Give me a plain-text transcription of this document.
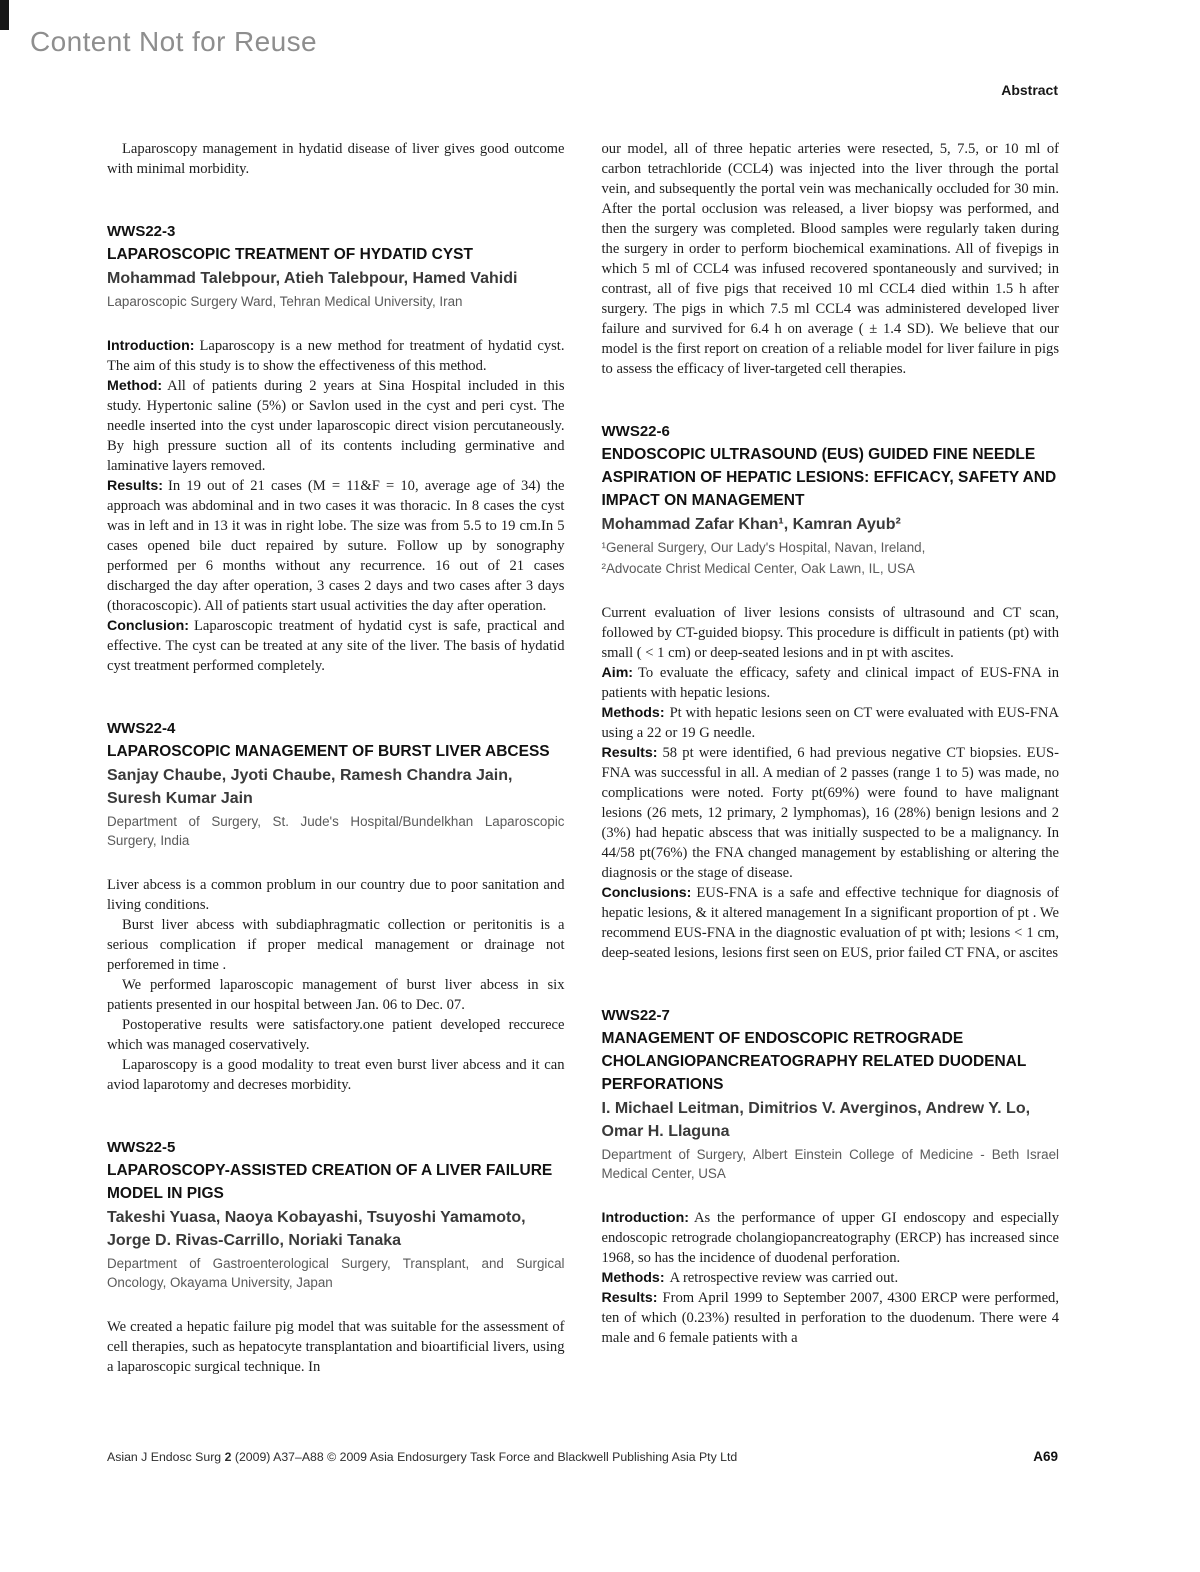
Content Not for Reuse
Abstract

Laparoscopy management in hydatid disease of liver gives good outcome with minimal morbidity.

WWS22-3
LAPAROSCOPIC TREATMENT OF HYDATID CYST
Mohammad Talebpour, Atieh Talebpour, Hamed Vahidi
Laparoscopic Surgery Ward, Tehran Medical University, Iran

Introduction: Laparoscopy is a new method for treatment of hydatid cyst. The aim of this study is to show the effectiveness of this method.

Method: All of patients during 2 years at Sina Hospital included in this study. Hypertonic saline (5%) or Savlon used in the cyst and peri cyst. The needle inserted into the cyst under laparoscopic direct vision percutaneously. By high pressure suction all of its contents including germinative and laminative layers removed.

Results: In 19 out of 21 cases (M = 11&F = 10, average age of 34) the approach was abdominal and in two cases it was thoracic. In 8 cases the cyst was in left and in 13 it was in right lobe. The size was from 5.5 to 19 cm.In 5 cases opened bile duct repaired by suture. Follow up by sonography performed per 6 months without any recurrence. 16 out of 21 cases discharged the day after operation, 3 cases 2 days and two cases after 3 days (thoracoscopic). All of patients start usual activities the day after operation.

Conclusion: Laparoscopic treatment of hydatid cyst is safe, practical and effective. The cyst can be treated at any site of the liver. The basis of hydatid cyst treatment performed completely.

WWS22-4
LAPAROSCOPIC MANAGEMENT OF BURST LIVER ABCESS
Sanjay Chaube, Jyoti Chaube, Ramesh Chandra Jain, Suresh Kumar Jain
Department of Surgery, St. Jude's Hospital/Bundelkhan Laparoscopic Surgery, India

Liver abcess is a common problum in our country due to poor sanitation and living conditions.

Burst liver abcess with subdiaphragmatic collection or peritonitis is a serious complication if proper medical management or drainage not perforemed in time .

We performed laparoscopic management of burst liver abcess in six patients presented in our hospital between Jan. 06 to Dec. 07.

Postoperative results were satisfactory.one patient developed reccurece which was managed coservatively.

Laparoscopy is a good modality to treat even burst liver abcess and it can aviod laparotomy and decreses morbidity.

WWS22-5
LAPAROSCOPY-ASSISTED CREATION OF A LIVER FAILURE MODEL IN PIGS
Takeshi Yuasa, Naoya Kobayashi, Tsuyoshi Yamamoto, Jorge D. Rivas-Carrillo, Noriaki Tanaka
Department of Gastroenterological Surgery, Transplant, and Surgical Oncology, Okayama University, Japan

We created a hepatic failure pig model that was suitable for the assessment of cell therapies, such as hepatocyte transplantation and bioartificial livers, using a laparoscopic surgical technique. In

our model, all of three hepatic arteries were resected, 5, 7.5, or 10 ml of carbon tetrachloride (CCL4) was injected into the liver through the portal vein, and subsequently the portal vein was mechanically occluded for 30 min. After the portal occlusion was released, a liver biopsy was performed, and then the surgery was completed. Blood samples were regularly taken during the surgery in order to perform biochemical examinations. All of fivepigs in which 5 ml of CCL4 was infused recovered spontaneously and survived; in contrast, all of five pigs that received 10 ml CCL4 died within 1.5 h after surgery. The pigs in which 7.5 ml CCL4 was administered developed liver failure and survived for 6.4 h on average ( ± 1.4 SD). We believe that our model is the first report on creation of a reliable model for liver failure in pigs to assess the efficacy of liver-targeted cell therapies.

WWS22-6
ENDOSCOPIC ULTRASOUND (EUS) GUIDED FINE NEEDLE ASPIRATION OF HEPATIC LESIONS: EFFICACY, SAFETY AND IMPACT ON MANAGEMENT
Mohammad Zafar Khan¹, Kamran Ayub²
¹General Surgery, Our Lady's Hospital, Navan, Ireland,
²Advocate Christ Medical Center, Oak Lawn, IL, USA

Current evaluation of liver lesions consists of ultrasound and CT scan, followed by CT-guided biopsy. This procedure is difficult in patients (pt) with small ( < 1 cm) or deep-seated lesions and in pt with ascites.

Aim: To evaluate the efficacy, safety and clinical impact of EUS-FNA in patients with hepatic lesions.

Methods: Pt with hepatic lesions seen on CT were evaluated with EUS-FNA using a 22 or 19 G needle.

Results: 58 pt were identified, 6 had previous negative CT biopsies. EUS-FNA was successful in all. A median of 2 passes (range 1 to 5) was made, no complications were noted. Forty pt(69%) were found to have malignant lesions (26 mets, 12 primary, 2 lymphomas), 16 (28%) benign lesions and 2 (3%) had hepatic abscess that was initially suspected to be a malignancy. In 44/58 pt(76%) the FNA changed management by establishing or altering the diagnosis or the stage of disease.

Conclusions: EUS-FNA is a safe and effective technique for diagnosis of hepatic lesions, & it altered management In a significant proportion of pt . We recommend EUS-FNA in the diagnostic evaluation of pt with; lesions < 1 cm, deep-seated lesions, lesions first seen on EUS, prior failed CT FNA, or ascites

WWS22-7
MANAGEMENT OF ENDOSCOPIC RETROGRADE CHOLANGIOPANCREATOGRAPHY RELATED DUODENAL PERFORATIONS
I. Michael Leitman, Dimitrios V. Averginos, Andrew Y. Lo, Omar H. Llaguna
Department of Surgery, Albert Einstein College of Medicine - Beth Israel Medical Center, USA

Introduction: As the performance of upper GI endoscopy and especially endoscopic retrograde cholangiopancreatography (ERCP) has increased since 1968, so has the incidence of duodenal perforation.

Methods: A retrospective review was carried out.

Results: From April 1999 to September 2007, 4300 ERCP were performed, ten of which (0.23%) resulted in perforation to the duodenum. There were 4 male and 6 female patients with a

Asian J Endosc Surg 2 (2009) A37–A88 © 2009 Asia Endosurgery Task Force and Blackwell Publishing Asia Pty Ltd	A69
